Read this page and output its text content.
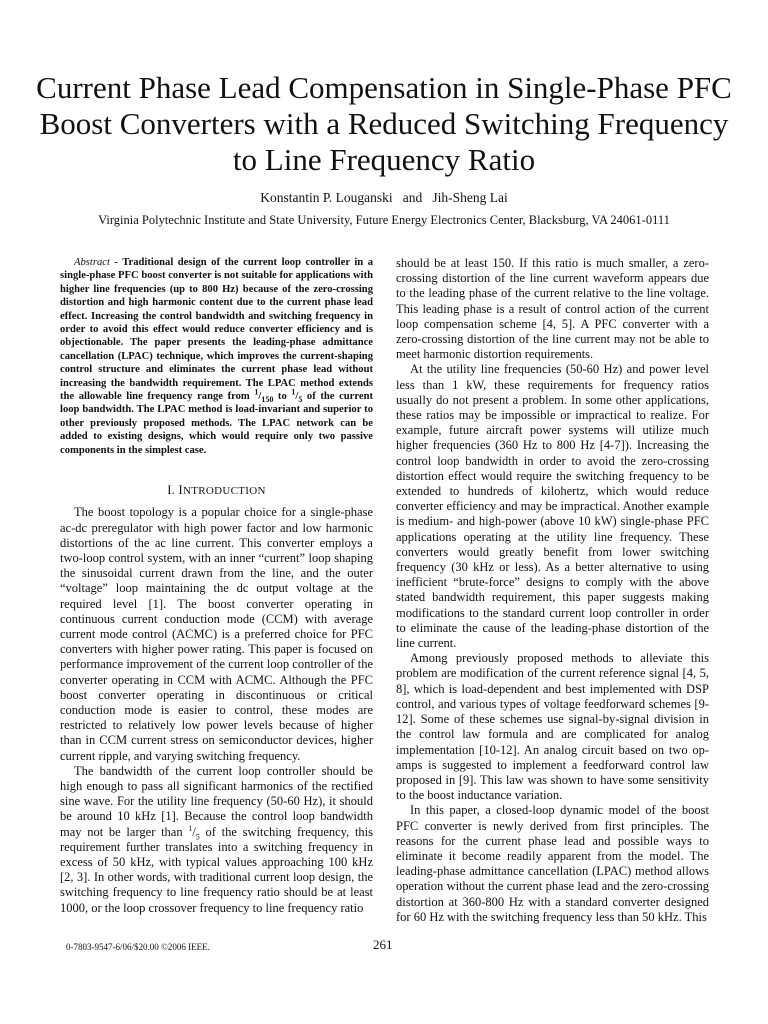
Current Phase Lead Compensation in Single-Phase PFC Boost Converters with a Reduced Switching Frequency to Line Frequency Ratio
Konstantin P. Louganski   and   Jih-Sheng Lai
Virginia Polytechnic Institute and State University, Future Energy Electronics Center, Blacksburg, VA 24061-0111

Abstract - Traditional design of the current loop controller in a single-phase PFC boost converter is not suitable for applications with higher line frequencies (up to 800 Hz) because of the zero-crossing distortion and high harmonic content due to the current phase lead effect. Increasing the control bandwidth and switching frequency in order to avoid this effect would reduce converter efficiency and is objectionable. The paper presents the leading-phase admittance cancellation (LPAC) technique, which improves the current-shaping control structure and eliminates the current phase lead without increasing the bandwidth requirement. The LPAC method extends the allowable line frequency range from $^1/_{150}$ to $^1/_5$ of the current loop bandwidth. The LPAC method is load-invariant and superior to other previously proposed methods. The LPAC network can be added to existing designs, which would require only two passive components in the simplest case.

I. INTRODUCTION

The boost topology is a popular choice for a single-phase ac-dc preregulator with high power factor and low harmonic distortions of the ac line current. This converter employs a two-loop control system, with an inner “current” loop shaping the sinusoidal current drawn from the line, and the outer “voltage” loop maintaining the dc output voltage at the required level [1]. The boost converter operating in continuous current conduction mode (CCM) with average current mode control (ACMC) is a preferred choice for PFC converters with higher power rating. This paper is focused on performance improvement of the current loop controller of the converter operating in CCM with ACMC. Although the PFC boost converter operating in discontinuous or critical conduction mode is easier to control, these modes are restricted to relatively low power levels because of higher than in CCM current stress on semiconductor devices, higher current ripple, and varying switching frequency.

The bandwidth of the current loop controller should be high enough to pass all significant harmonics of the rectified sine wave. For the utility line frequency (50-60 Hz), it should be around 10 kHz [1]. Because the control loop bandwidth may not be larger than $^1/_5$ of the switching frequency, this requirement further translates into a switching frequency in excess of 50 kHz, with typical values approaching 100 kHz [2, 3]. In other words, with traditional current loop design, the switching frequency to line frequency ratio should be at least 1000, or the loop crossover frequency to line frequency ratio

should be at least 150. If this ratio is much smaller, a zero-crossing distortion of the line current waveform appears due to the leading phase of the current relative to the line voltage. This leading phase is a result of control action of the current loop compensation scheme [4, 5]. A PFC converter with a zero-crossing distortion of the line current may not be able to meet harmonic distortion requirements.

At the utility line frequencies (50-60 Hz) and power level less than 1 kW, these requirements for frequency ratios usually do not present a problem. In some other applications, these ratios may be impossible or impractical to realize. For example, future aircraft power systems will utilize much higher frequencies (360 Hz to 800 Hz [4-7]). Increasing the control loop bandwidth in order to avoid the zero-crossing distortion effect would require the switching frequency to be extended to hundreds of kilohertz, which would reduce converter efficiency and may be impractical. Another example is medium- and high-power (above 10 kW) single-phase PFC applications operating at the utility line frequency. These converters would greatly benefit from lower switching frequency (30 kHz or less). As a better alternative to using inefficient “brute-force” designs to comply with the above stated bandwidth requirement, this paper suggests making modifications to the standard current loop controller in order to eliminate the cause of the leading-phase distortion of the line current.

Among previously proposed methods to alleviate this problem are modification of the current reference signal [4, 5, 8], which is load-dependent and best implemented with DSP control, and various types of voltage feedforward schemes [9-12]. Some of these schemes use signal-by-signal division in the control law formula and are complicated for analog implementation [10-12]. An analog circuit based on two op-amps is suggested to implement a feedforward control law proposed in [9]. This law was shown to have some sensitivity to the boost inductance variation.

In this paper, a closed-loop dynamic model of the boost PFC converter is newly derived from first principles. The reasons for the current phase lead and possible ways to eliminate it become readily apparent from the model. The leading-phase admittance cancellation (LPAC) method allows operation without the current phase lead and the zero-crossing distortion at 360-800 Hz with a standard converter designed for 60 Hz with the switching frequency less than 50 kHz. This

0-7803-9547-6/06/$20.00 ©2006 IEEE.	261
